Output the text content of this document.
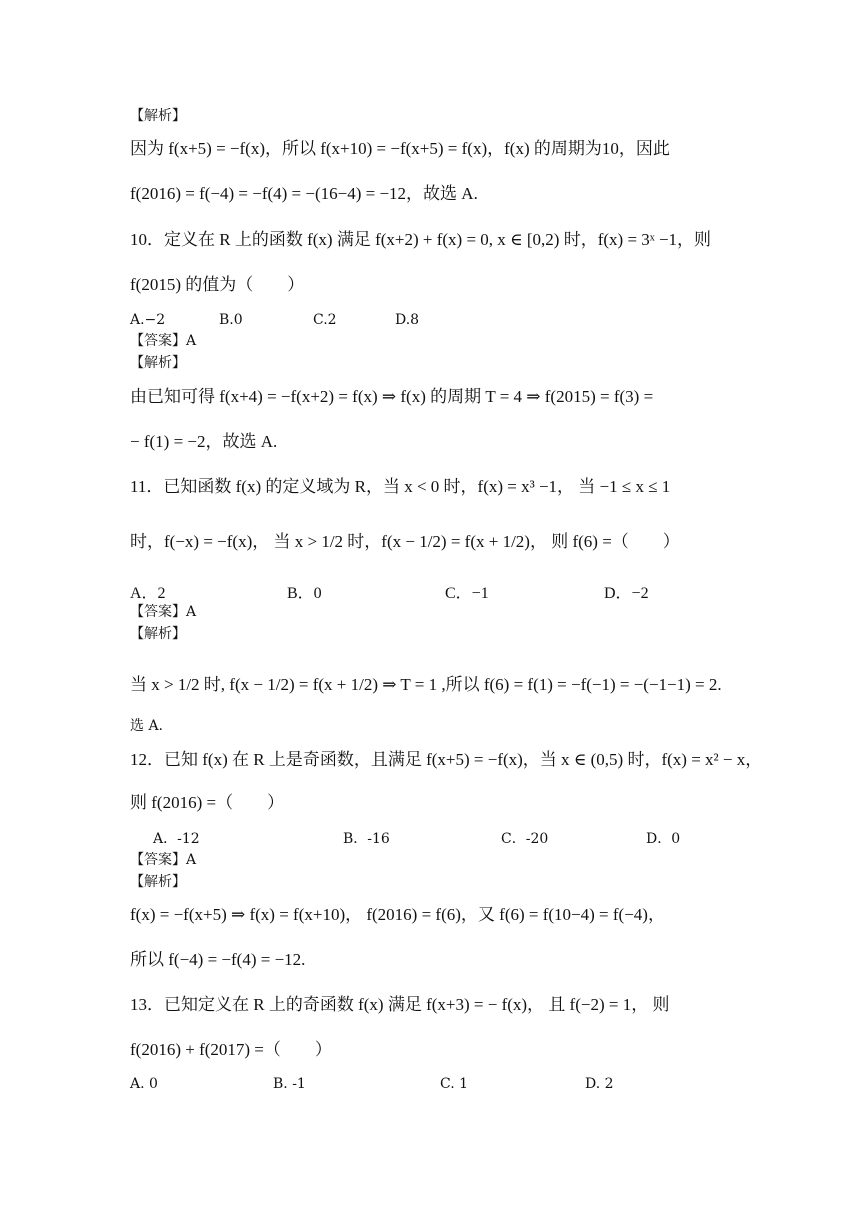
【解析】
因为 f(x+5) = −f(x)，所以 f(x+10) = −f(x+5) = f(x)，f(x) 的周期为10，因此
f(2016) = f(−4) = −f(4) = −(16−4) = −12，故选 A.
10．定义在 R 上的函数 f(x) 满足 f(x+2) + f(x) = 0, x ∈ [0,2) 时，f(x) = 3ˣ −1，则
f(2015) 的值为（　　）
A.−2	B.0	C.2	D.8
【答案】A
【解析】
由已知可得 f(x+4) = −f(x+2) = f(x) ⇒ f(x) 的周期 T = 4 ⇒ f(2015) = f(3) =
− f(1) = −2，故选 A.
11．已知函数 f(x) 的定义域为 R，当 x < 0 时，f(x) = x³ −1， 当 −1 ≤ x ≤ 1
时，f(−x) = −f(x)， 当 x > 1/2 时，f(x − 1/2) = f(x + 1/2)， 则 f(6) =（　　）
A．2	B．0	C．−1	D．−2
【答案】A
【解析】
当 x > 1/2 时, f(x − 1/2) = f(x + 1/2) ⇒ T = 1 ,所以 f(6) = f(1) = −f(−1) = −(−1−1) = 2.
选 A.
12．已知 f(x) 在 R 上是奇函数，且满足 f(x+5) = −f(x)，当 x ∈ (0,5) 时，f(x) = x² − x，
则 f(2016) =（　　）
A．-12	B．-16	C．-20	D．0
【答案】A
【解析】
f(x) = −f(x+5) ⇒ f(x) = f(x+10)， f(2016) = f(6)，又 f(6) = f(10−4) = f(−4)，
所以 f(−4) = −f(4) = −12.
13．已知定义在 R 上的奇函数 f(x) 满足 f(x+3) = − f(x)， 且 f(−2) = 1， 则
f(2016) + f(2017) =（　　）
A. 0	B. -1	C. 1	D. 2
